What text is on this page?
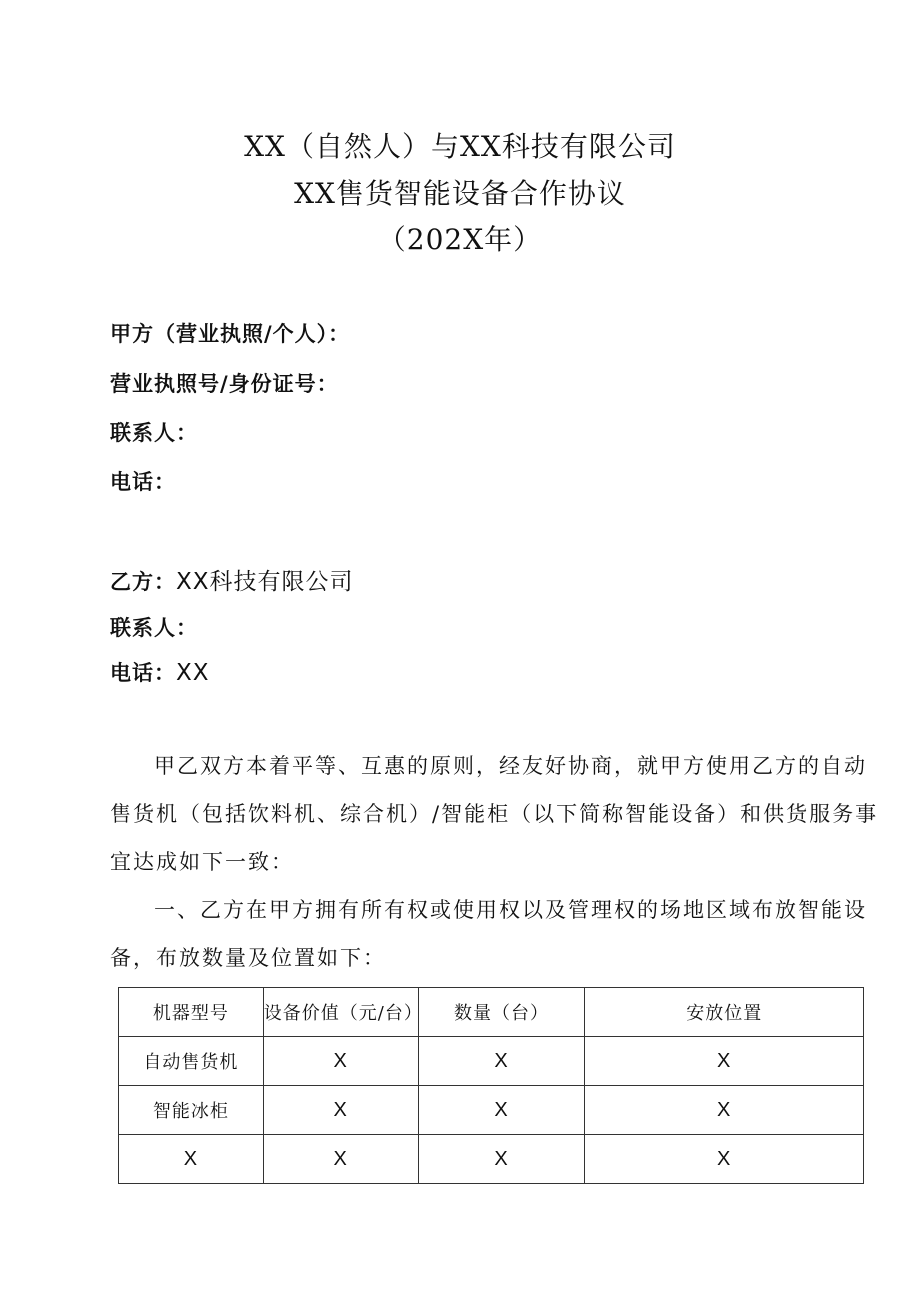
XX（自然人）与XX科技有限公司
XX售货智能设备合作协议
（202X年）
甲方（营业执照/个人）：
营业执照号/身份证号：
联系人：
电话：
乙方：XX科技有限公司
联系人：
电话：XX
甲乙双方本着平等、互惠的原则，经友好协商，就甲方使用乙方的自动
售货机（包括饮料机、综合机）/智能柜（以下简称智能设备）和供货服务事
宜达成如下一致：
一、乙方在甲方拥有所有权或使用权以及管理权的场地区域布放智能设
备，布放数量及位置如下：
机器型号	设备价值（元/台）	数量（台）	安放位置
自动售货机	X	X	X
智能冰柜	X	X	X
X	X	X	X
